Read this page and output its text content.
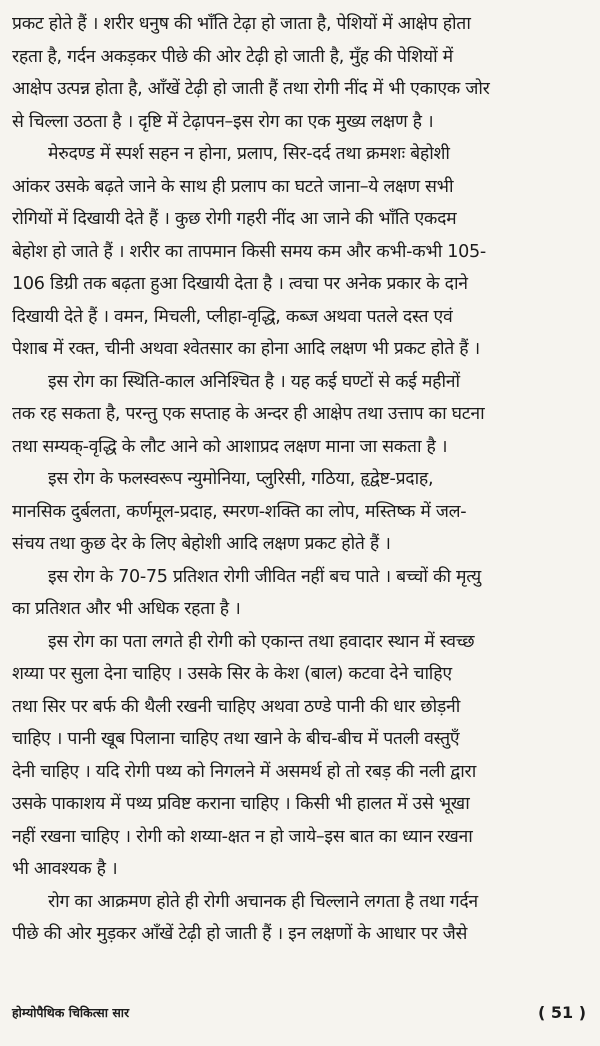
प्रकट होते हैं । शरीर धनुष की भाँति टेढ़ा हो जाता है, पेशियों में आक्षेप होता
रहता है, गर्दन अकड़कर पीछे की ओर टेढ़ी हो जाती है, मुँह की पेशियों में
आक्षेप उत्पन्न होता है, आँखें टेढ़ी हो जाती हैं तथा रोगी नींद में भी एकाएक जोर
से चिल्ला उठता है । दृष्टि में टेढ़ापन–इस रोग का एक मुख्य लक्षण है ।
मेरुदण्ड में स्पर्श सहन न होना, प्रलाप, सिर-दर्द तथा क्रमशः बेहोशी
आंकर उसके बढ़ते जाने के साथ ही प्रलाप का घटते जाना–ये लक्षण सभी
रोगियों में दिखायी देते हैं । कुछ रोगी गहरी नींद आ जाने की भाँति एकदम
बेहोश हो जाते हैं । शरीर का तापमान किसी समय कम और कभी-कभी 105-
106 डिग्री तक बढ़ता हुआ दिखायी देता है । त्वचा पर अनेक प्रकार के दाने
दिखायी देते हैं । वमन, मिचली, प्लीहा-वृद्धि, कब्ज अथवा पतले दस्त एवं
पेशाब में रक्त, चीनी अथवा श्वेतसार का होना आदि लक्षण भी प्रकट होते हैं ।
इस रोग का स्थिति-काल अनिश्चित है । यह कई घण्टों से कई महीनों
तक रह सकता है, परन्तु एक सप्ताह के अन्दर ही आक्षेप तथा उत्ताप का घटना
तथा सम्यक्-वृद्धि के लौट आने को आशाप्रद लक्षण माना जा सकता है ।
इस रोग के फलस्वरूप न्युमोनिया, प्लुरिसी, गठिया, हृद्वेष्ट-प्रदाह,
मानसिक दुर्बलता, कर्णमूल-प्रदाह, स्मरण-शक्ति का लोप, मस्तिष्क में जल-
संचय तथा कुछ देर के लिए बेहोशी आदि लक्षण प्रकट होते हैं ।
इस रोग के 70-75 प्रतिशत रोगी जीवित नहीं बच पाते । बच्चों की मृत्यु
का प्रतिशत और भी अधिक रहता है ।
इस रोग का पता लगते ही रोगी को एकान्त तथा हवादार स्थान में स्वच्छ
शय्या पर सुला देना चाहिए । उसके सिर के केश (बाल) कटवा देने चाहिए
तथा सिर पर बर्फ की थैली रखनी चाहिए अथवा ठण्डे पानी की धार छोड़नी
चाहिए । पानी खूब पिलाना चाहिए तथा खाने के बीच-बीच में पतली वस्तुएँ
देनी चाहिए । यदि रोगी पथ्य को निगलने में असमर्थ हो तो रबड़ की नली द्वारा
उसके पाकाशय में पथ्य प्रविष्ट कराना चाहिए । किसी भी हालत में उसे भूखा
नहीं रखना चाहिए । रोगी को शय्या-क्षत न हो जाये–इस बात का ध्यान रखना
भी आवश्यक है ।
रोग का आक्रमण होते ही रोगी अचानक ही चिल्लाने लगता है तथा गर्दन
पीछे की ओर मुड़कर आँखें टेढ़ी हो जाती हैं । इन लक्षणों के आधार पर जैसे
होम्योपैथिक चिकित्सा सार	( 51 )
